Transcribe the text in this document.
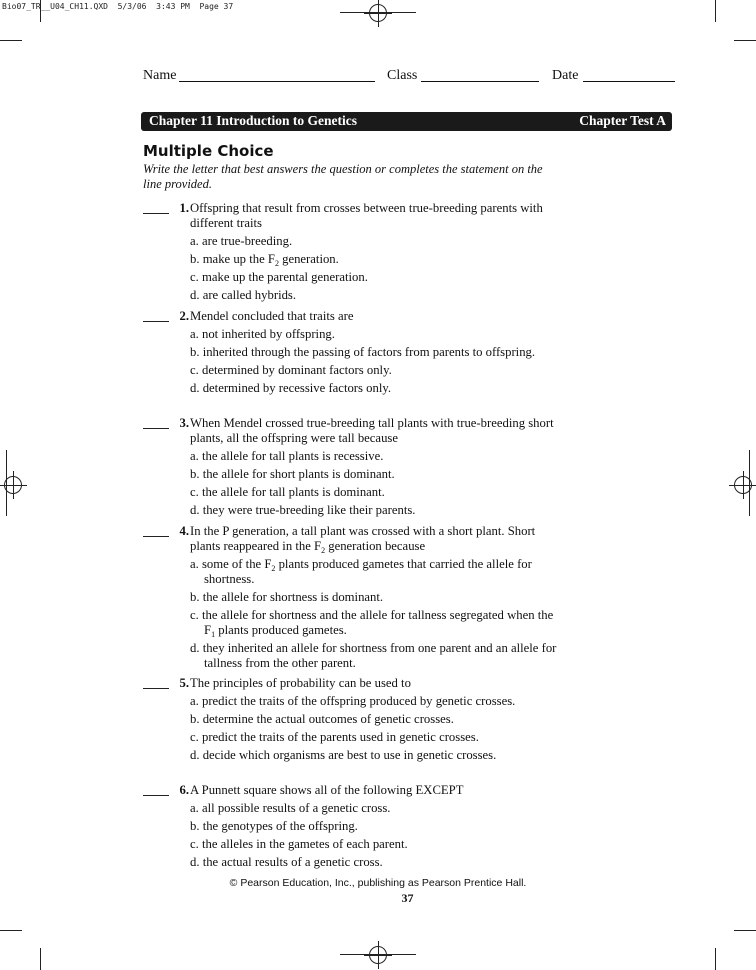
Bio07_TR__U04_CH11.QXD  5/3/06  3:43 PM  Page 37
Name	Class	Date
Chapter 11 Introduction to Genetics	Chapter Test A
Multiple Choice
Write the letter that best answers the question or completes the statement on the line provided.
1. Offspring that result from crosses between true-breeding parents with different traits
a. are true-breeding.
b. make up the $F_2$ generation.
c. make up the parental generation.
d. are called hybrids.
2. Mendel concluded that traits are
a. not inherited by offspring.
b. inherited through the passing of factors from parents to offspring.
c. determined by dominant factors only.
d. determined by recessive factors only.
3. When Mendel crossed true-breeding tall plants with true-breeding short plants, all the offspring were tall because
a. the allele for tall plants is recessive.
b. the allele for short plants is dominant.
c. the allele for tall plants is dominant.
d. they were true-breeding like their parents.
4. In the P generation, a tall plant was crossed with a short plant. Short plants reappeared in the $F_2$ generation because
a. some of the $F_2$ plants produced gametes that carried the allele for shortness.
b. the allele for shortness is dominant.
c. the allele for shortness and the allele for tallness segregated when the $F_1$ plants produced gametes.
d. they inherited an allele for shortness from one parent and an allele for tallness from the other parent.
5. The principles of probability can be used to
a. predict the traits of the offspring produced by genetic crosses.
b. determine the actual outcomes of genetic crosses.
c. predict the traits of the parents used in genetic crosses.
d. decide which organisms are best to use in genetic crosses.
6. A Punnett square shows all of the following EXCEPT
a. all possible results of a genetic cross.
b. the genotypes of the offspring.
c. the alleles in the gametes of each parent.
d. the actual results of a genetic cross.
© Pearson Education, Inc., publishing as Pearson Prentice Hall.
37
